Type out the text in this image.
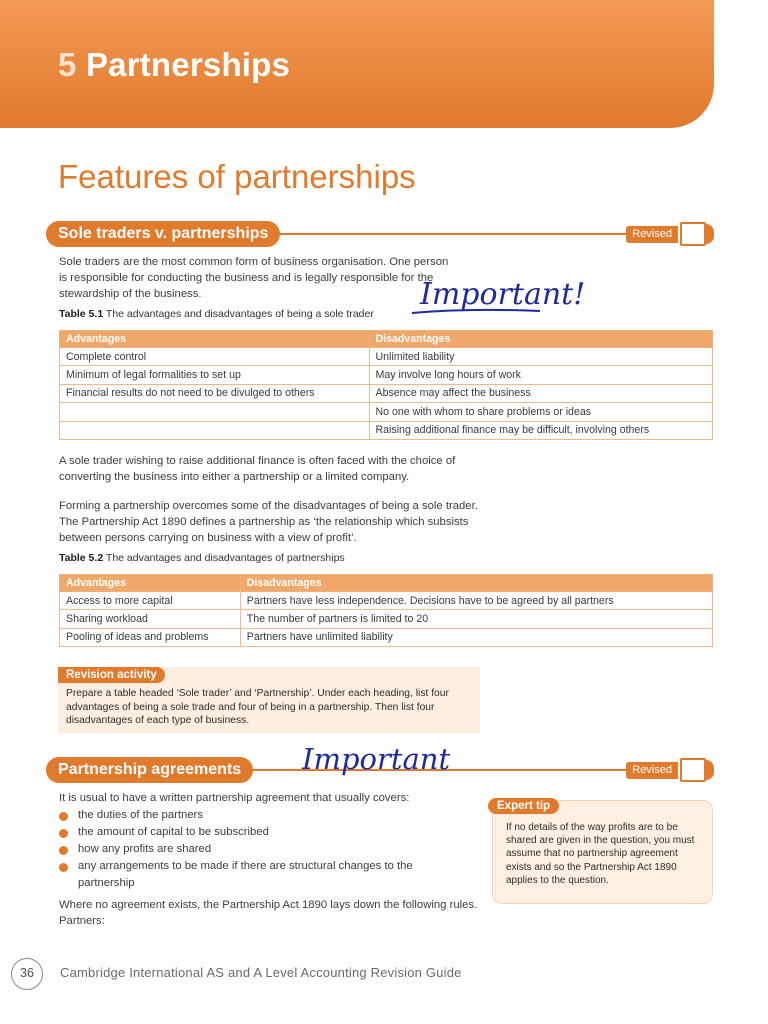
5 Partnerships
Features of partnerships
Sole traders v. partnerships	Revised

Sole traders are the most common form of business organisation. One person is responsible for conducting the business and is legally responsible for the stewardship of the business.	Important!
Table 5.1 The advantages and disadvantages of being a sole trader
Advantages	Disadvantages
Complete control	Unlimited liability
Minimum of legal formalities to set up	May involve long hours of work
Financial results do not need to be divulged to others	Absence may affect the business
	No one with whom to share problems or ideas
	Raising additional finance may be difficult, involving others

A sole trader wishing to raise additional finance is often faced with the choice of converting the business into either a partnership or a limited company.

Forming a partnership overcomes some of the disadvantages of being a sole trader. The Partnership Act 1890 defines a partnership as ‘the relationship which subsists between persons carrying on business with a view of profit’.

Table 5.2 The advantages and disadvantages of partnerships
Advantages	Disadvantages
Access to more capital	Partners have less independence. Decisions have to be agreed by all partners
Sharing workload	The number of partners is limited to 20
Pooling of ideas and problems	Partners have unlimited liability
Revision activity

Prepare a table headed ‘Sole trader’ and ‘Partnership’. Under each heading, list four advantages of being a sole trade and four of being in a partnership. Then list four disadvantages of each type of business.

Partnership agreements	Revised
Important

It is usual to have a written partnership agreement that usually covers:

the duties of the partners
the amount of capital to be subscribed
how any profits are shared
any arrangements to be made if there are structural changes to the partnership

Where no agreement exists, the Partnership Act 1890 lays down the following rules. Partners:

Expert tip

If no details of the way profits are to be shared are given in the question, you must assume that no partnership agreement exists and so the Partnership Act 1890 applies to the question.

36	Cambridge International AS and A Level Accounting Revision Guide
